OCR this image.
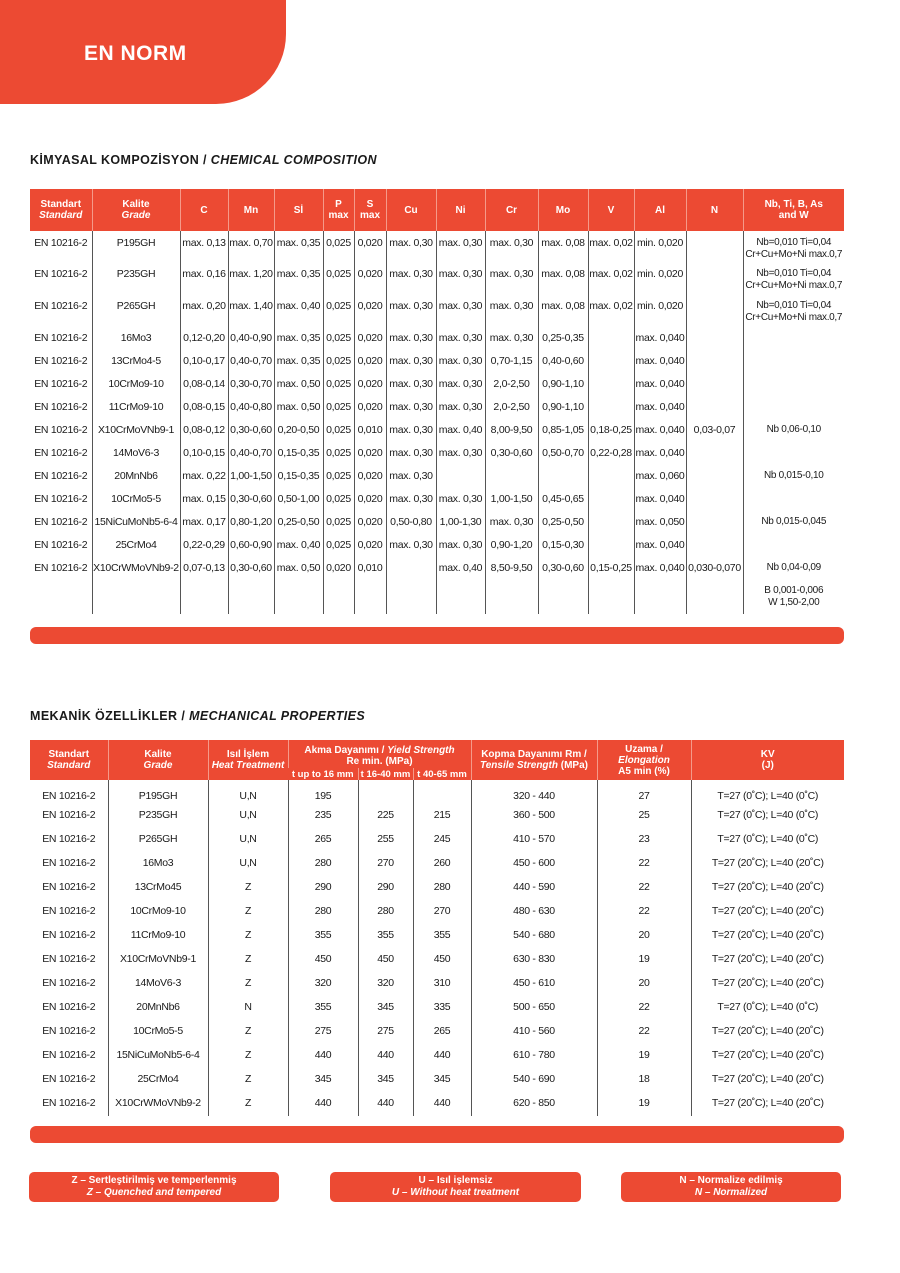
EN NORM
KİMYASAL KOMPOZİSYON / CHEMICAL COMPOSITION
Standart
Standard	Kalite
Grade	C	Mn	Sİ	P
max	S
max	Cu	Ni	Cr	Mo	V	Al	N	Nb, Ti, B, As
and W

EN 10216-2	P195GH	max. 0,13	max. 0,70	max. 0,35	0,025	0,020	max. 0,30	max. 0,30	max. 0,30	max. 0,08	max. 0,02	min. 0,020		Nb=0,010 Ti=0,04
Cr+Cu+Mo+Ni max.0,7
EN 10216-2	P235GH	max. 0,16	max. 1,20	max. 0,35	0,025	0,020	max. 0,30	max. 0,30	max. 0,30	max. 0,08	max. 0,02	min. 0,020		Nb=0,010 Ti=0,04
Cr+Cu+Mo+Ni max.0,7
EN 10216-2	P265GH	max. 0,20	max. 1,40	max. 0,40	0,025	0,020	max. 0,30	max. 0,30	max. 0,30	max. 0,08	max. 0,02	min. 0,020		Nb=0,010 Ti=0,04
Cr+Cu+Mo+Ni max.0,7
EN 10216-2	16Mo3	0,12-0,20	0,40-0,90	max. 0,35	0,025	0,020	max. 0,30	max. 0,30	max. 0,30	0,25-0,35		max. 0,040		
EN 10216-2	13CrMo4-5	0,10-0,17	0,40-0,70	max. 0,35	0,025	0,020	max. 0,30	max. 0,30	0,70-1,15	0,40-0,60		max. 0,040		
EN 10216-2	10CrMo9-10	0,08-0,14	0,30-0,70	max. 0,50	0,025	0,020	max. 0,30	max. 0,30	2,0-2,50	0,90-1,10		max. 0,040		
EN 10216-2	11CrMo9-10	0,08-0,15	0,40-0,80	max. 0,50	0,025	0,020	max. 0,30	max. 0,30	2,0-2,50	0,90-1,10		max. 0,040		
EN 10216-2	X10CrMoVNb9-1	0,08-0,12	0,30-0,60	0,20-0,50	0,025	0,010	max. 0,30	max. 0,40	8,00-9,50	0,85-1,05	0,18-0,25	max. 0,040	0,03-0,07	Nb 0,06-0,10
EN 10216-2	14MoV6-3	0,10-0,15	0,40-0,70	0,15-0,35	0,025	0,020	max. 0,30	max. 0,30	0,30-0,60	0,50-0,70	0,22-0,28	max. 0,040		
EN 10216-2	20MnNb6	max. 0,22	1,00-1,50	0,15-0,35	0,025	0,020	max. 0,30					max. 0,060		Nb 0,015-0,10
EN 10216-2	10CrMo5-5	max. 0,15	0,30-0,60	0,50-1,00	0,025	0,020	max. 0,30	max. 0,30	1,00-1,50	0,45-0,65		max. 0,040		
EN 10216-2	15NiCuMoNb5-6-4	max. 0,17	0,80-1,20	0,25-0,50	0,025	0,020	0,50-0,80	1,00-1,30	max. 0,30	0,25-0,50		max. 0,050		Nb 0,015-0,045
EN 10216-2	25CrMo4	0,22-0,29	0,60-0,90	max. 0,40	0,025	0,020	max. 0,30	max. 0,30	0,90-1,20	0,15-0,30		max. 0,040		
EN 10216-2	X10CrWMoVNb9-2	0,07-0,13	0,30-0,60	max. 0,50	0,020	0,010		max. 0,40	8,50-9,50	0,30-0,60	0,15-0,25	max. 0,040	0,030-0,070	Nb 0,04-0,09
														B 0,001-0,006
W 1,50-2,00
MEKANİK ÖZELLİKLER / MECHANICAL PROPERTIES
Standart
Standard	Kalite
Grade	Isıl İşlem
Heat Treatment	Akma Dayanımı / Yield Strength
Re min. (MPa)			Kopma Dayanımı Rm /
Tensile Strength (MPa)	Uzama / Elongation
A5 min (%)	KV
(J)
			t up to 16 mm	t 16-40 mm	t 40-65 mm			
EN 10216-2	P195GH	U,N	195			320 - 440	27	T=27 (0˚C); L=40 (0˚C)
EN 10216-2	P235GH	U,N	235	225	215	360 - 500	25	T=27 (0˚C); L=40 (0˚C)
EN 10216-2	P265GH	U,N	265	255	245	410 - 570	23	T=27 (0˚C); L=40 (0˚C)
EN 10216-2	16Mo3	U,N	280	270	260	450 - 600	22	T=27 (20˚C); L=40 (20˚C)
EN 10216-2	13CrMo45	Z	290	290	280	440 - 590	22	T=27 (20˚C); L=40 (20˚C)
EN 10216-2	10CrMo9-10	Z	280	280	270	480 - 630	22	T=27 (20˚C); L=40 (20˚C)
EN 10216-2	11CrMo9-10	Z	355	355	355	540 - 680	20	T=27 (20˚C); L=40 (20˚C)
EN 10216-2	X10CrMoVNb9-1	Z	450	450	450	630 - 830	19	T=27 (20˚C); L=40 (20˚C)
EN 10216-2	14MoV6-3	Z	320	320	310	450 - 610	20	T=27 (20˚C); L=40 (20˚C)
EN 10216-2	20MnNb6	N	355	345	335	500 - 650	22	T=27 (0˚C); L=40 (0˚C)
EN 10216-2	10CrMo5-5	Z	275	275	265	410 - 560	22	T=27 (20˚C); L=40 (20˚C)
EN 10216-2	15NiCuMoNb5-6-4	Z	440	440	440	610 - 780	19	T=27 (20˚C); L=40 (20˚C)
EN 10216-2	25CrMo4	Z	345	345	345	540 - 690	18	T=27 (20˚C); L=40 (20˚C)
EN 10216-2	X10CrWMoVNb9-2	Z	440	440	440	620 - 850	19	T=27 (20˚C); L=40 (20˚C)
Z – Sertleştirilmiş ve temperlenmiş
Z – Quenched and tempered
U – Isıl işlemsiz
U – Without heat treatment
N – Normalize edilmiş
N – Normalized
